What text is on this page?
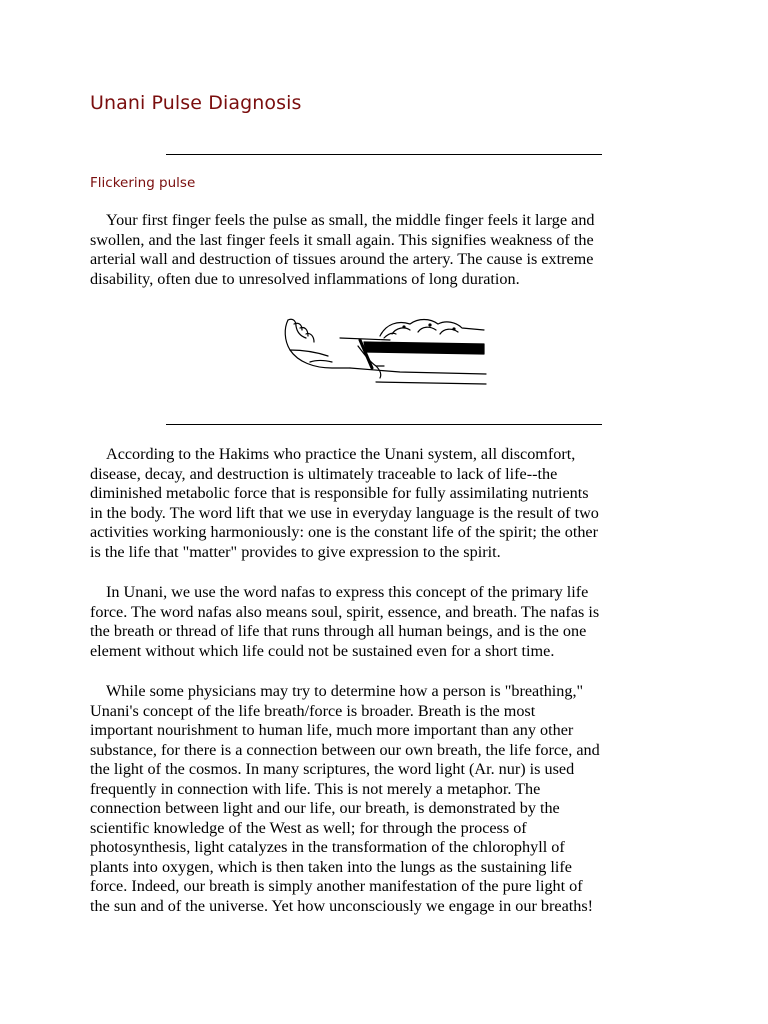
Unani Pulse Diagnosis
Flickering pulse

Your first finger feels the pulse as small, the middle finger feels it large and
swollen, and the last finger feels it small again. This signifies weakness of the
arterial wall and destruction of tissues around the artery. The cause is extreme
disability, often due to unresolved inflammations of long duration.

According to the Hakims who practice the Unani system, all discomfort,
disease, decay, and destruction is ultimately traceable to lack of life--the
diminished metabolic force that is responsible for fully assimilating nutrients
in the body. The word lift that we use in everyday language is the result of two
activities working harmoniously: one is the constant life of the spirit; the other
is the life that "matter" provides to give expression to the spirit.

In Unani, we use the word nafas to express this concept of the primary life
force. The word nafas also means soul, spirit, essence, and breath. The nafas is
the breath or thread of life that runs through all human beings, and is the one
element without which life could not be sustained even for a short time.

While some physicians may try to determine how a person is "breathing,"
Unani's concept of the life breath/force is broader. Breath is the most
important nourishment to human life, much more important than any other
substance, for there is a connection between our own breath, the life force, and
the light of the cosmos. In many scriptures, the word light (Ar. nur) is used
frequently in connection with life. This is not merely a metaphor. The
connection between light and our life, our breath, is demonstrated by the
scientific knowledge of the West as well; for through the process of
photosynthesis, light catalyzes in the transformation of the chlorophyll of
plants into oxygen, which is then taken into the lungs as the sustaining life
force. Indeed, our breath is simply another manifestation of the pure light of
the sun and of the universe. Yet how unconsciously we engage in our breaths!
